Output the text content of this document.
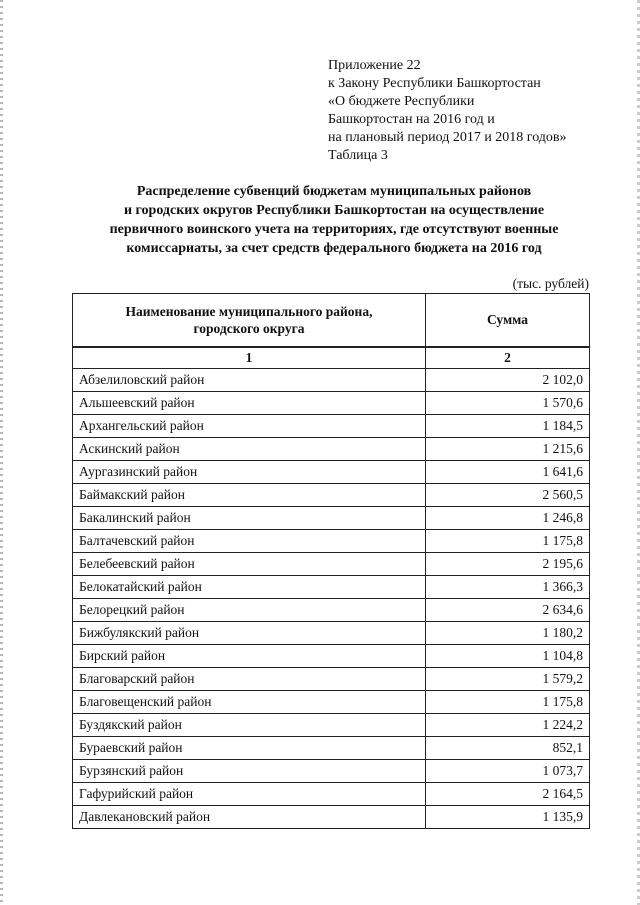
Приложение 22
к Закону Республики Башкортостан
«О бюджете Республики
Башкортостан на 2016 год и
на плановый период 2017 и 2018 годов»
Таблица 3
Распределение субвенций бюджетам муниципальных районов
и городских округов Республики Башкортостан на осуществление
первичного воинского учета на территориях, где отсутствуют военные
комиссариаты, за счет средств федерального бюджета на 2016 год
(тыс. рублей)
Наименование муниципального района,
городского округа	Сумма
1	2
Абзелиловский район	2 102,0
Альшеевский район	1 570,6
Архангельский район	1 184,5
Аскинский район	1 215,6
Аургазинский район	1 641,6
Баймакский район	2 560,5
Бакалинский район	1 246,8
Балтачевский район	1 175,8
Белебеевский район	2 195,6
Белокатайский район	1 366,3
Белорецкий район	2 634,6
Бижбулякский район	1 180,2
Бирский район	1 104,8
Благоварский район	1 579,2
Благовещенский район	1 175,8
Буздякский район	1 224,2
Бураевский район	852,1
Бурзянский район	1 073,7
Гафурийский район	2 164,5
Давлекановский район	1 135,9
